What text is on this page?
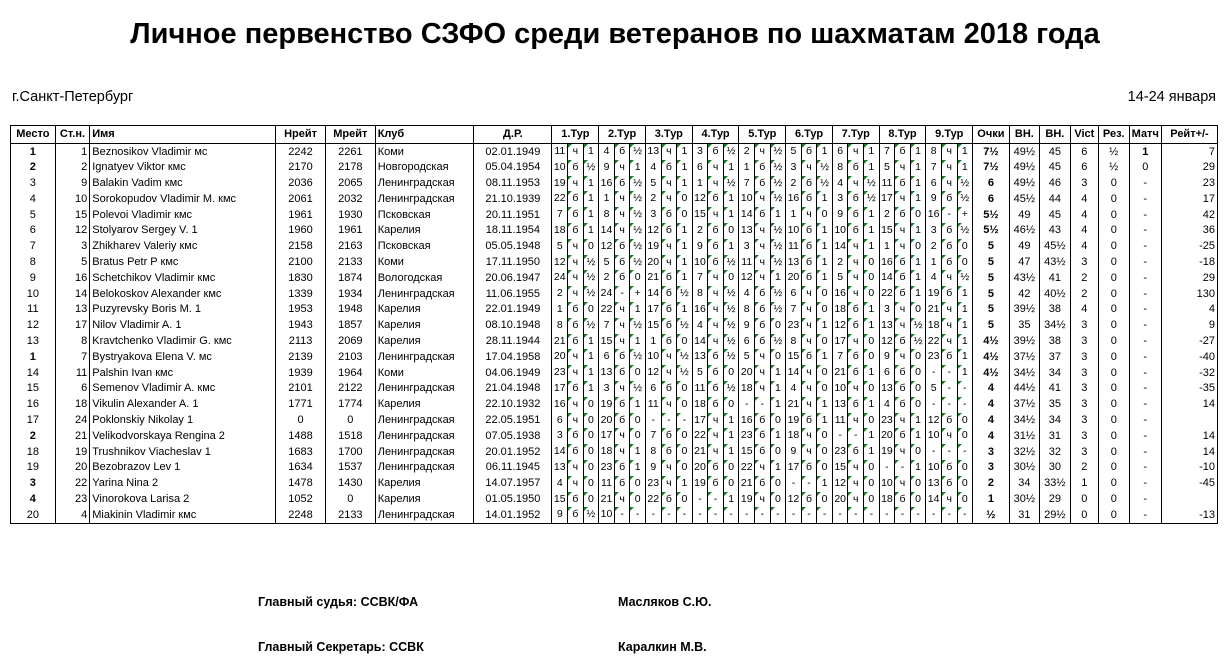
Личное первенство СЗФО среди ветеранов по шахматам 2018 года
г.Санкт-Петербург	14-24 января
Место	Ст.н.	Имя	Нрейт	Мрейт	Клуб	Д.Р.	1.Тур	2.Тур	3.Тур	4.Тур	5.Тур	6.Тур	7.Тур	8.Тур	9.Тур	Очки	ВН.	ВН.	Vict	Рез.	Матч	Рейт+/-
1	1	Beznosikov Vladimir мс	2242	2261	Коми	02.01.1949	11 ч 1	4 б ½	13 ч 1	3 б ½	2 ч ½	5 б 1	6 ч 1	7 б 1	8 ч 1	7½	49½	45	6	½	1	7
2	2	Ignatyev Viktor кмс	2170	2178	Новгородская	05.04.1954	10 б ½	9 ч 1	4 б 1	6 ч 1	1 б ½	3 ч ½	8 б 1	5 ч 1	7 ч 1	7½	49½	45	6	½	0	29
3	9	Balakin Vadim кмс	2036	2065	Ленинградская	08.11.1953	19 ч 1	16 б ½	5 ч 1	1 ч ½	7 б ½	2 б ½	4 ч ½	11 б 1	6 ч ½	6	49½	46	3	0	-	23
4	10	Sorokopudov Vladimir M. кмс	2061	2032	Ленинградская	21.10.1939	22 б 1	1 ч ½	2 ч 0	12 б 1	10 ч ½	16 б 1	3 б ½	17 ч 1	9 б ½	6	45½	44	4	0	-	17
5	15	Polevoi Vladimir кмс	1961	1930	Псковская	20.11.1951	7 б 1	8 ч ½	3 б 0	15 ч 1	14 б 1	1 ч 0	9 б 1	2 б 0	16 - +	5½	49	45	4	0	-	42
6	12	Stolyarov Sergey V. 1	1960	1961	Карелия	18.11.1954	18 б 1	14 ч ½	12 б 1	2 б 0	13 ч ½	10 б 1	10 б 1	15 ч 1	3 б ½	5½	46½	43	4	0	-	36
7	3	Zhikharev Valeriy кмс	2158	2163	Псковская	05.05.1948	5 ч 0	12 б ½	19 ч 1	9 б 1	3 ч ½	11 б 1	14 ч 1	1 ч 0	2 б 0	5	49	45½	4	0	-	-25
8	5	Bratus Petr P кмс	2100	2133	Коми	17.11.1950	12 ч ½	5 б ½	20 ч 1	10 б ½	11 ч ½	13 б 1	2 ч 0	16 б 1	1 б 0	5	47	43½	3	0	-	-18
9	16	Schetchikov Vladimir кмс	1830	1874	Вологодская	20.06.1947	24 ч ½	2 б 0	21 б 1	7 ч 0	12 ч 1	20 б 1	5 ч 0	14 б 1	4 ч ½	5	43½	41	2	0	-	29
10	14	Belokoskov Alexander кмс	1339	1934	Ленинградская	11.06.1955	2 ч ½	24 - +	14 б ½	8 ч ½	4 б ½	6 ч 0	16 ч 0	22 б 1	19 б 1	5	42	40½	2	0	-	130
11	13	Puzyrevsky Boris M. 1	1953	1948	Карелия	22.01.1949	1 б 0	22 ч 1	17 б 1	16 ч ½	8 б ½	7 ч 0	18 б 1	3 ч 0	21 ч 1	5	39½	38	4	0	-	4
12	17	Nilov Vladimir A. 1	1943	1857	Карелия	08.10.1948	8 б ½	7 ч ½	15 б ½	4 ч ½	9 б 0	23 ч 1	12 б 1	13 ч ½	18 ч 1	5	35	34½	3	0	-	9
13	8	Kravtchenko Vladimir G. кмс	2113	2069	Карелия	28.11.1944	21 б 1	15 ч 1	1 б 0	14 ч ½	6 б ½	8 ч 0	17 ч 0	12 б ½	22 ч 1	4½	39½	38	3	0	-	-27
1	7	Bystryakova Elena V. мс	2139	2103	Ленинградская	17.04.1958	20 ч 1	6 б ½	10 ч ½	13 б ½	5 ч 0	15 б 1	7 б 0	9 ч 0	23 б 1	4½	37½	37	3	0	-	-40
14	11	Palshin Ivan кмс	1939	1964	Коми	04.06.1949	23 ч 1	13 б 0	12 ч ½	5 б 0	20 ч 1	14 ч 0	21 б 1	6 б 0	- - 1	4½	34½	34	3	0	-	-32
15	6	Semenov Vladimir A. кмс	2101	2122	Ленинградская	21.04.1948	17 б 1	3 ч ½	6 б 0	11 б ½	18 ч 1	4 ч 0	10 ч 0	13 б 0	5 - -	4	44½	41	3	0	-	-35
16	18	Vikulin Alexander A. 1	1771	1774	Карелия	22.10.1932	16 ч 0	19 б 1	11 ч 0	18 б 0	- - 1	21 ч 1	13 б 1	4 б 0	- - -	4	37½	35	3	0	-	14
17	24	Poklonskiy Nikolay 1	0	0	Ленинградская	22.05.1951	6 ч 0	20 б 0	- - -	17 ч 1	16 б 0	19 б 1	11 ч 0	23 ч 1	12 б 0	4	34½	34	3	0	-	
2	21	Velikodvorskaya Rengina 2	1488	1518	Ленинградская	07.05.1938	3 б 0	17 ч 0	7 б 0	22 ч 1	23 б 1	18 ч 0	- - 1	20 б 1	10 ч 0	4	31½	31	3	0	-	14
18	19	Trushnikov Viacheslav 1	1683	1700	Ленинградская	20.01.1952	14 б 0	18 ч 1	8 б 0	21 ч 1	15 б 0	9 ч 0	23 б 1	19 ч 0	- - -	3	32½	32	3	0	-	14
19	20	Bezobrazov Lev 1	1634	1537	Ленинградская	06.11.1945	13 ч 0	23 б 1	9 ч 0	20 б 0	22 ч 1	17 б 0	15 ч 0	- - 1	10 б 0	3	30½	30	2	0	-	-10
3	22	Yarina Nina 2	1478	1430	Карелия	14.07.1957	4 ч 0	11 б 0	23 ч 1	19 б 0	21 б 0	- - 1	12 ч 0	10 ч 0	13 б 0	2	34	33½	1	0	-	-45
4	23	Vinorokova Larisa 2	1052	0	Карелия	01.05.1950	15 б 0	21 ч 0	22 б 0	- - 1	19 ч 0	12 б 0	20 ч 0	18 б 0	14 ч 0	1	30½	29	0	0	-	
20	4	Miakinin Vladimir кмс	2248	2133	Ленинградская	14.01.1952	9 б ½	10 - -	- - -	- - -	- - -	- - -	- - -	- - -	- - -	½	31	29½	0	0	-	-13
Главный судья: ССВК/ФА	Масляков С.Ю.
Главный Секретарь: ССВК	Каралкин М.В.
